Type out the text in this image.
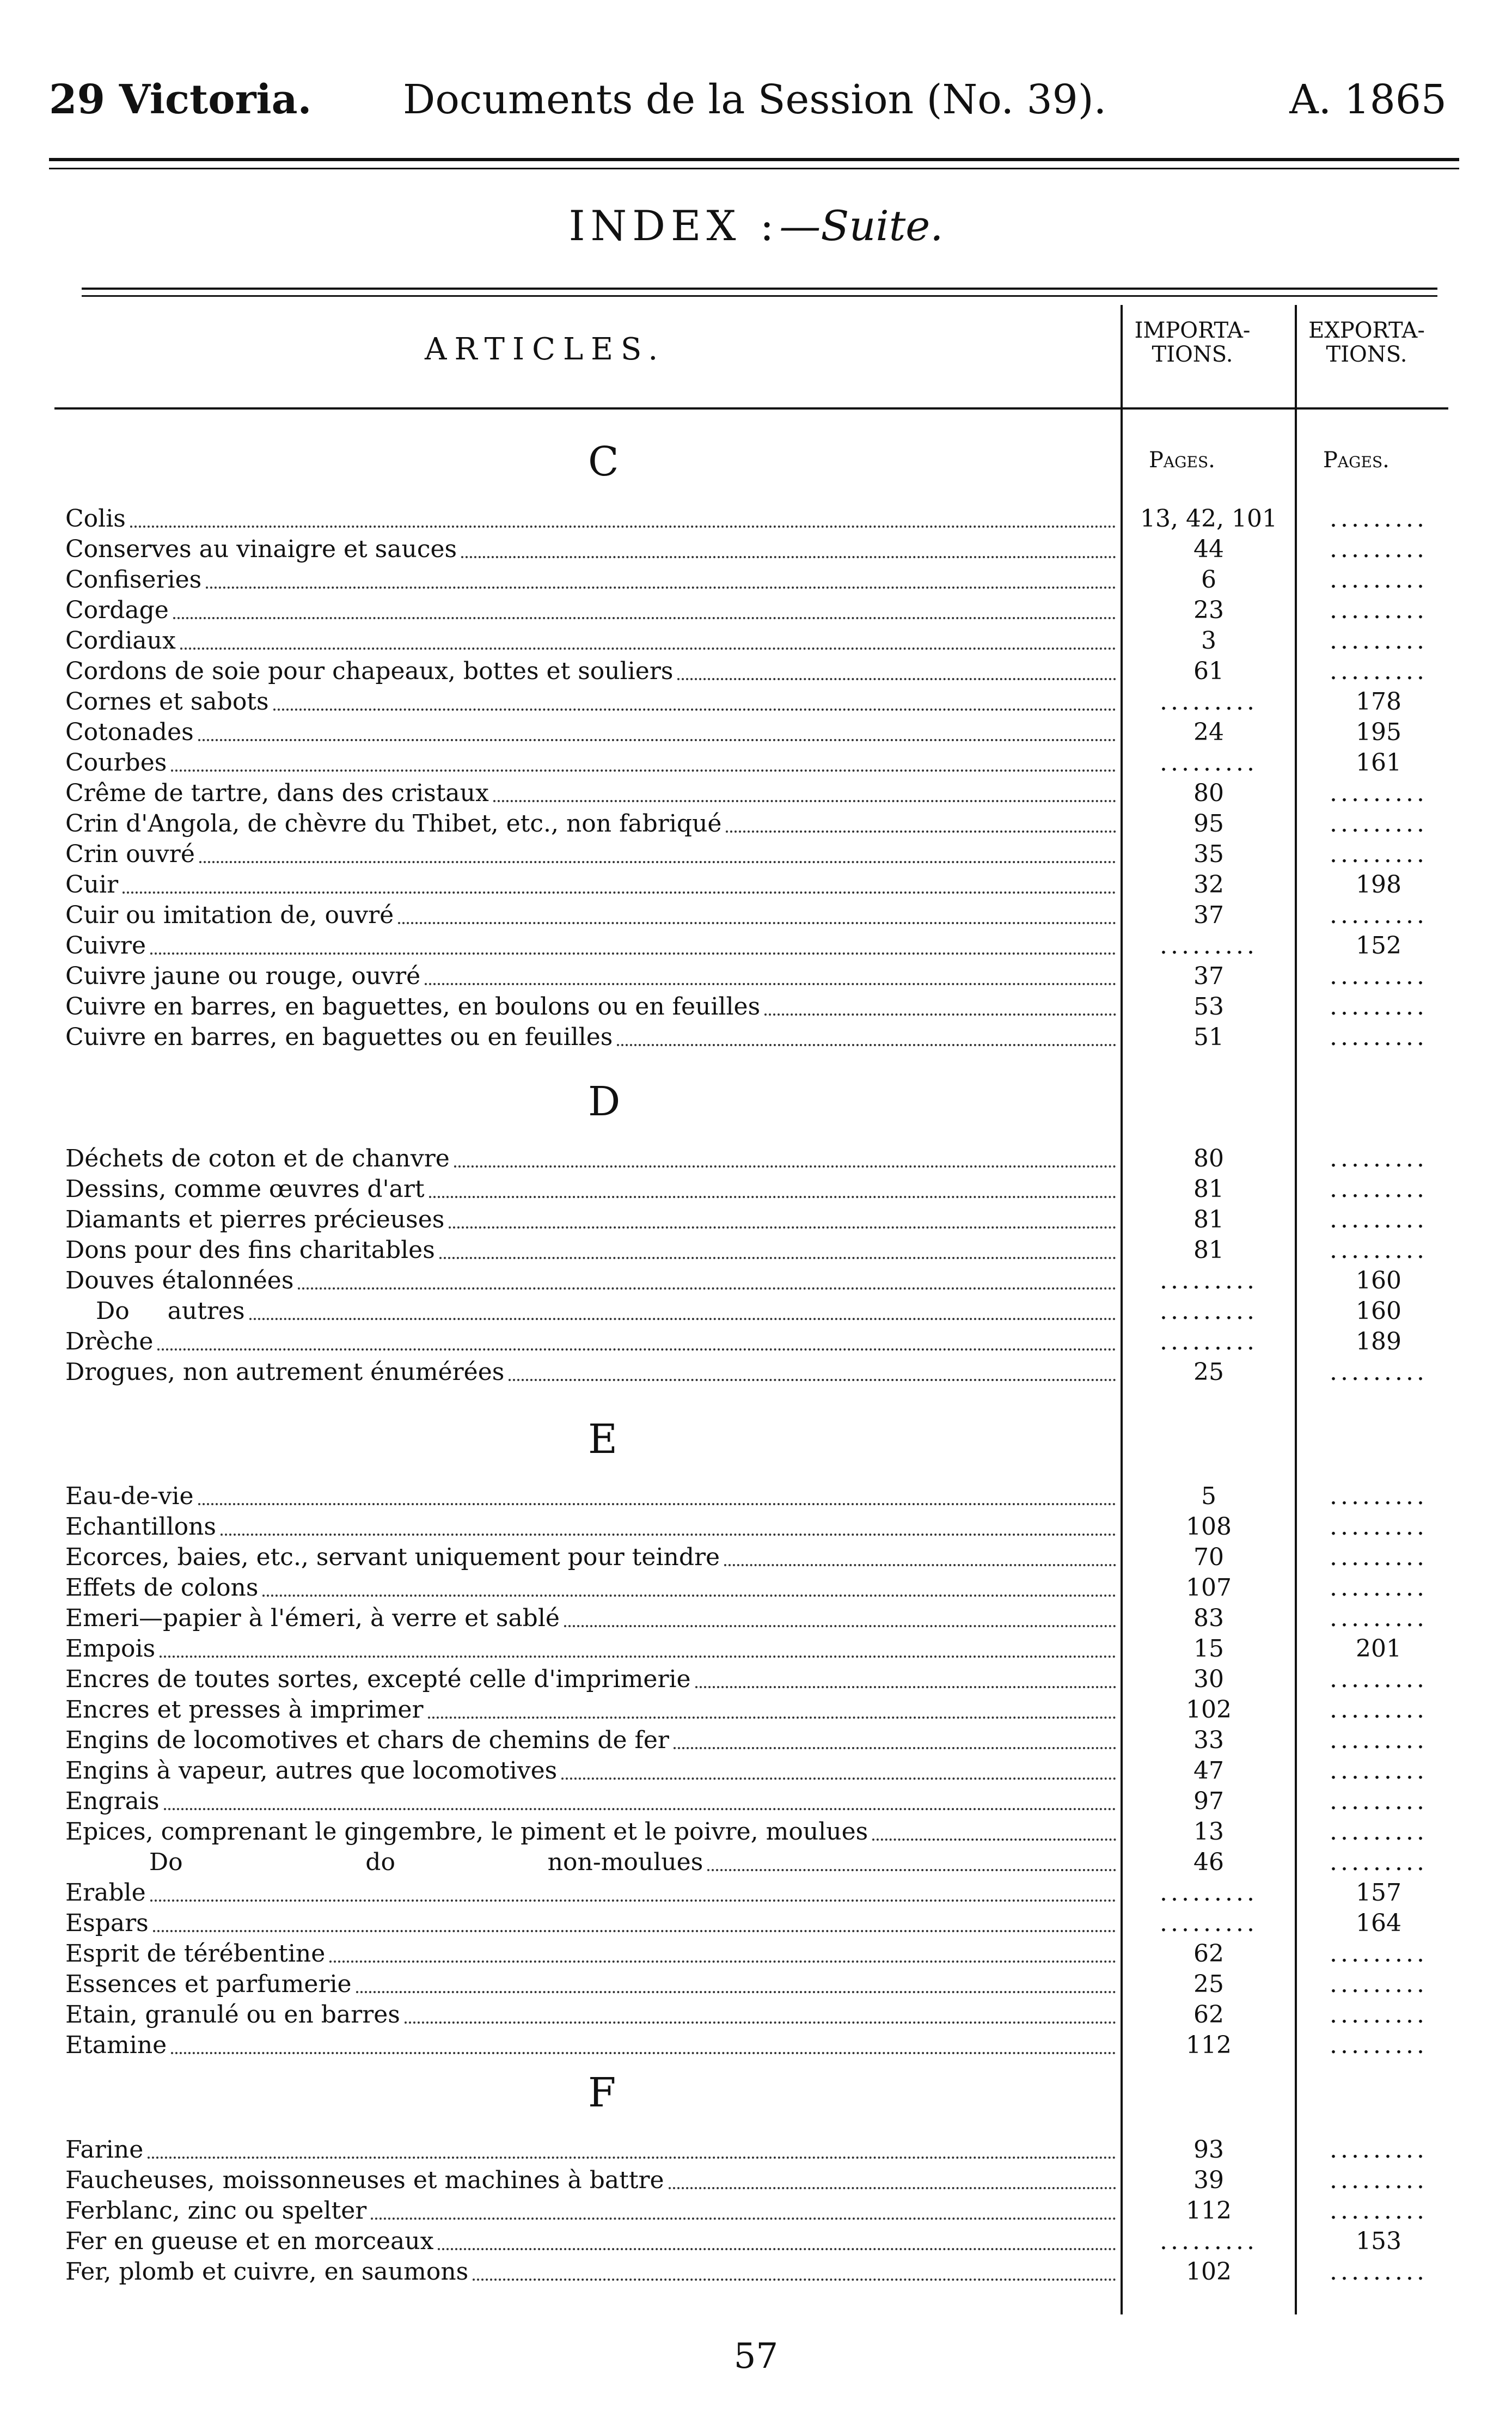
29 Victoria. Documents de la Session (No. 39).	A. 1865
INDEX :—Suite.
ARTICLES.
IMPORTA-
TIONS.
EXPORTA-
TIONS.
Pages.	Pages.
C
Colis	13, 42, 101	.........
Conserves au vinaigre et sauces	44	.........
Confiseries	6	.........
Cordage	23	.........
Cordiaux	3	.........
Cordons de soie pour chapeaux, bottes et souliers	61	.........
Cornes et sabots	.........	178
Cotonades	24	195
Courbes	.........	161
Crême de tartre, dans des cristaux	80	.........
Crin d'Angola, de chèvre du Thibet, etc., non fabriqué	95	.........
Crin ouvré	35	.........
Cuir	32	198
Cuir ou imitation de, ouvré	37	.........
Cuivre	.........	152
Cuivre jaune ou rouge, ouvré	37	.........
Cuivre en barres, en baguettes, en boulons ou en feuilles	53	.........
Cuivre en barres, en baguettes ou en feuilles	51	.........
D
Déchets de coton et de chanvre	80	.........
Dessins, comme œuvres d'art	81	.........
Diamants et pierres précieuses	81	.........
Dons pour des fins charitables	81	.........
Douves étalonnées	.........	160
Do     autres	.........	160
Drèche	.........	189
Drogues, non autrement énumérées	25	.........
E
Eau-de-vie	5	.........
Echantillons	108	.........
Ecorces, baies, etc., servant uniquement pour teindre	70	.........
Effets de colons	107	.........
Emeri—papier à l'émeri, à verre et sablé	83	.........
Empois	15	201
Encres de toutes sortes, excepté celle d'imprimerie	30	.........
Encres et presses à imprimer	102	.........
Engins de locomotives et chars de chemins de fer	33	.........
Engins à vapeur, autres que locomotives	47	.........
Engrais	97	.........
Epices, comprenant le gingembre, le piment et le poivre, moulues	13	.........
Do                        do                    non-moulues	46	.........
Erable	.........	157
Espars	.........	164
Esprit de térébentine	62	.........
Essences et parfumerie	25	.........
Etain, granulé ou en barres	62	.........
Etamine	112	.........
F
Farine	93	.........
Faucheuses, moissonneuses et machines à battre	39	.........
Ferblanc, zinc ou spelter	112	.........
Fer en gueuse et en morceaux	.........	153
Fer, plomb et cuivre, en saumons	102	.........
57
